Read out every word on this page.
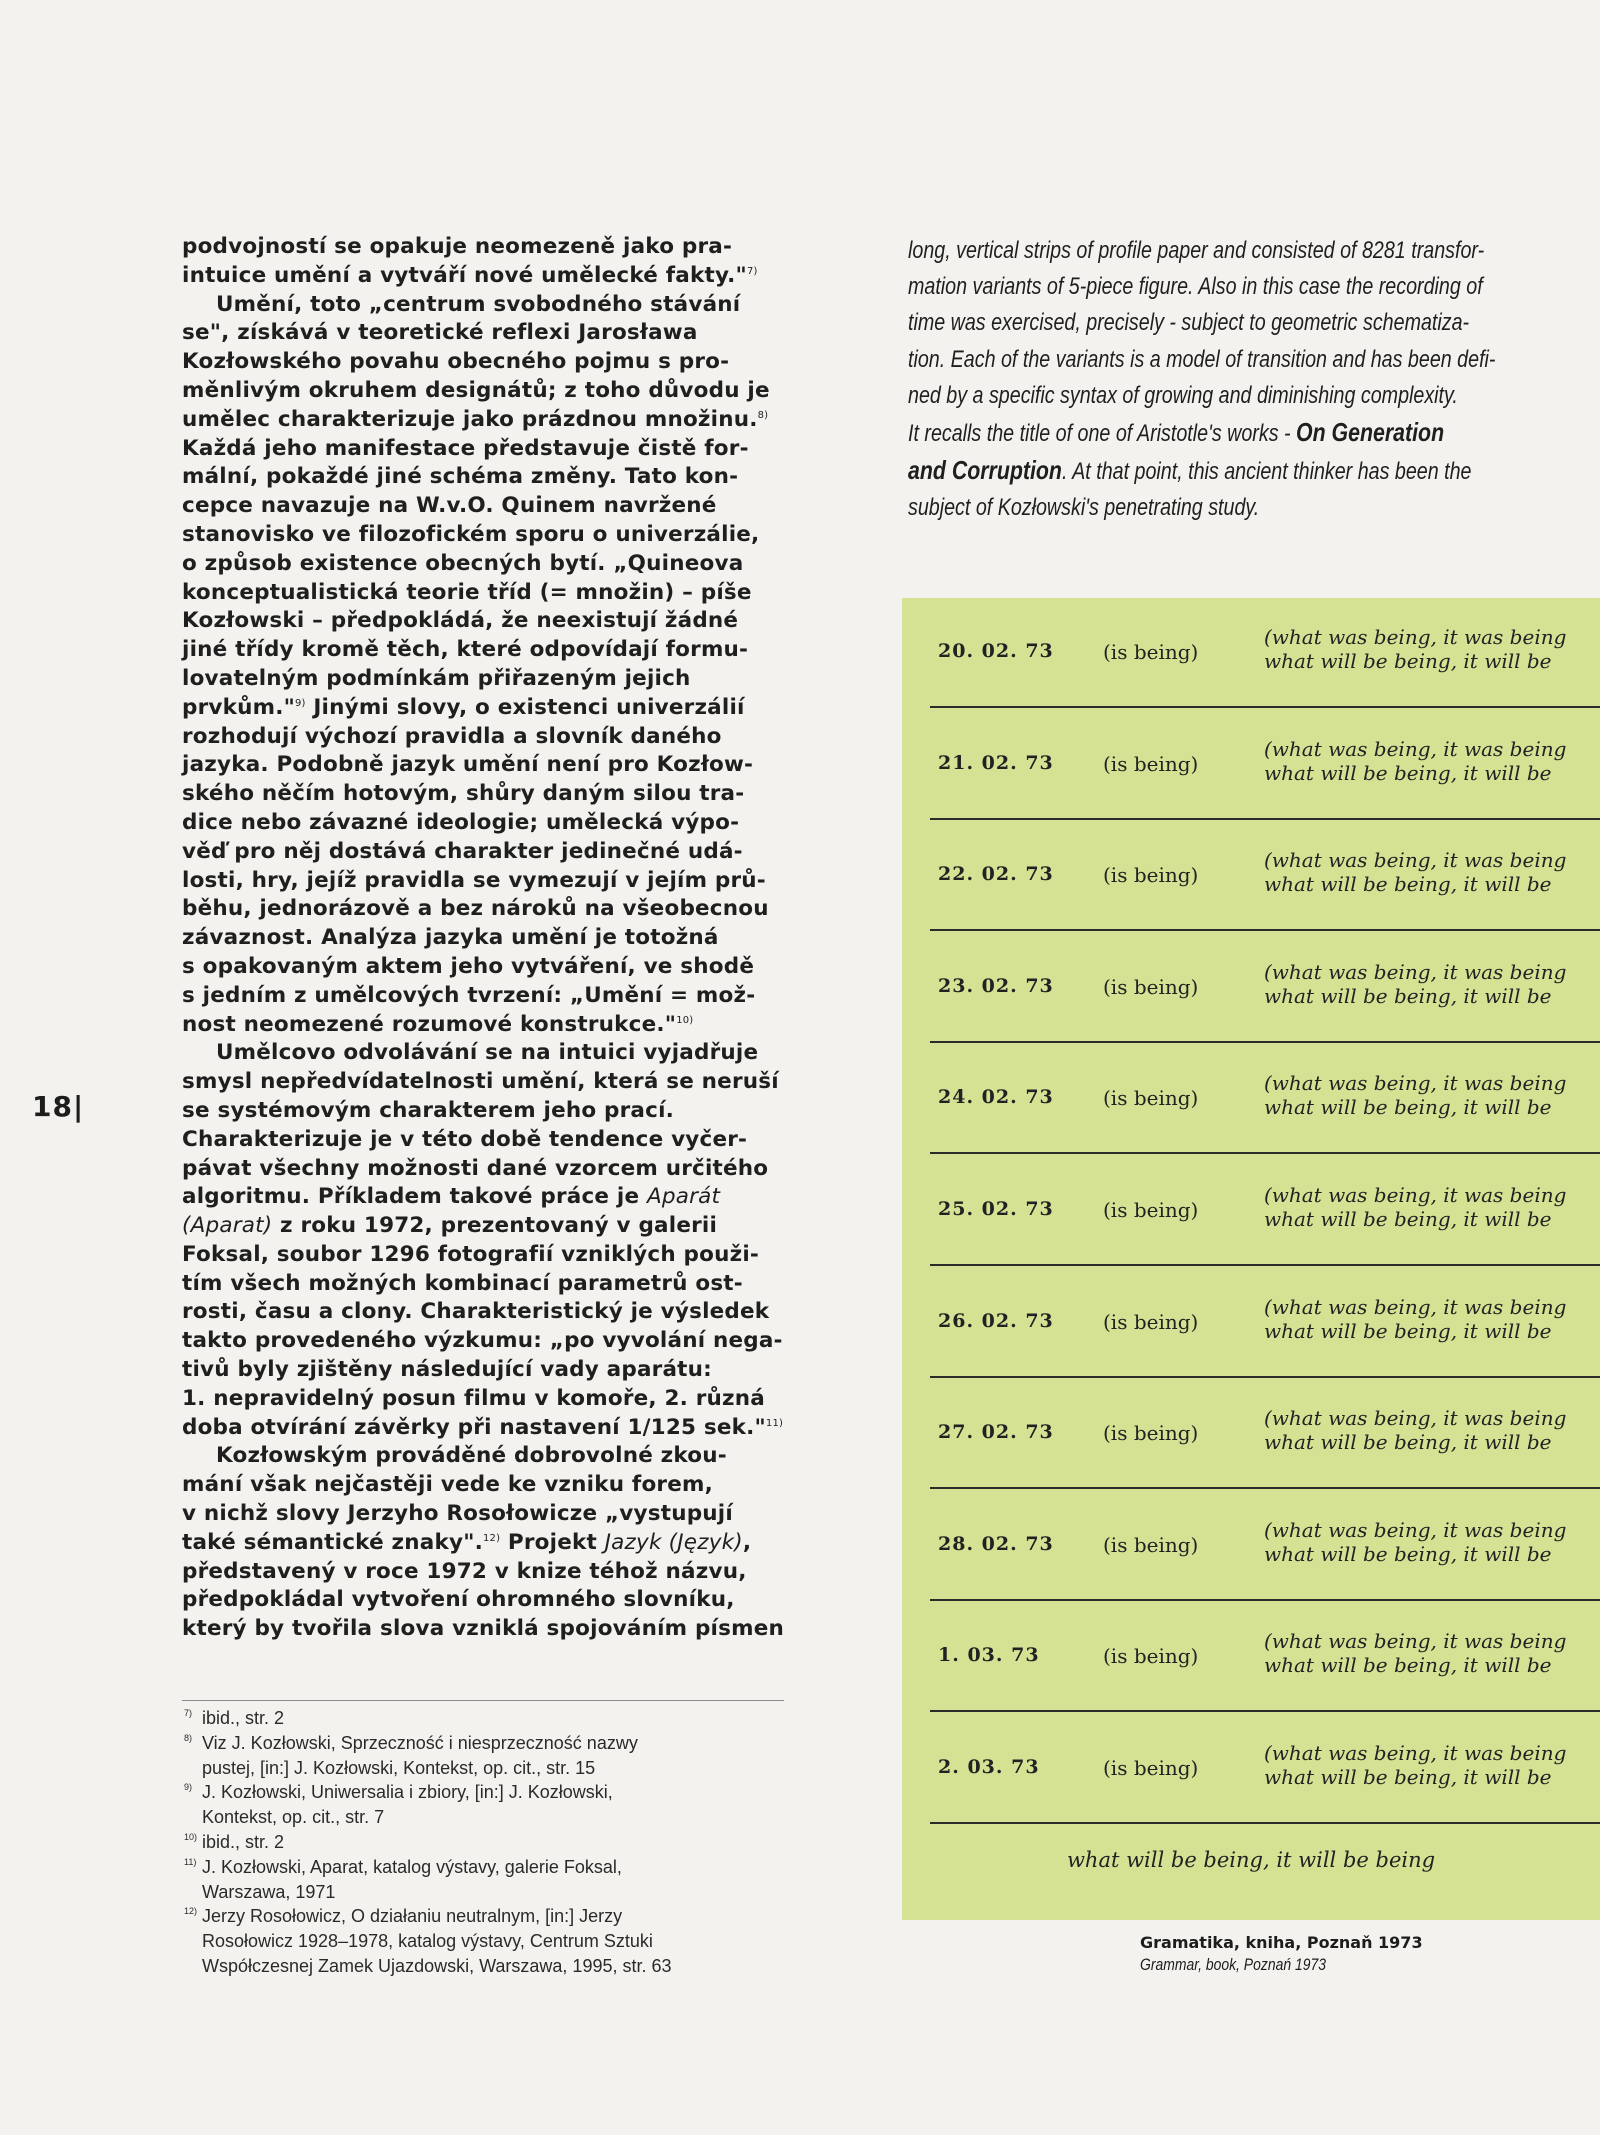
18|

podvojností se opakuje neomezeně jako pra-
intuice umění a vytváří nové umělecké fakty."$^{7)}$

Umění, toto „centrum svobodného stávání
se", získává v teoretické reflexi Jarosława
Kozłowského povahu obecného pojmu s pro-
měnlivým okruhem designátů; z toho důvodu je
umělec charakterizuje jako prázdnou množinu.$^{8)}$
Každá jeho manifestace představuje čistě for-
mální, pokaždé jiné schéma změny. Tato kon-
cepce navazuje na W.v.O. Quinem navržené
stanovisko ve filozofickém sporu o univerzálie,
o způsob existence obecných bytí. „Quineova
konceptualistická teorie tříd (= množin) – píše
Kozłowski – předpokládá, že neexistují žádné
jiné třídy kromě těch, které odpovídají formu-
lovatelným podmínkám přiřazeným jejich
prvkům."$^{9)}$ Jinými slovy, o existenci univerzálií
rozhodují výchozí pravidla a slovník daného
jazyka. Podobně jazyk umění není pro Kozłow-
ského něčím hotovým, shůry daným silou tra-
dice nebo závazné ideologie; umělecká výpo-
věď pro něj dostává charakter jedinečné udá-
losti, hry, jejíž pravidla se vymezují v jejím prů-
běhu, jednorázově a bez nároků na všeobecnou
závaznost. Analýza jazyka umění je totožná
s opakovaným aktem jeho vytváření, ve shodě
s jedním z umělcových tvrzení: „Umění = mož-
nost neomezené rozumové konstrukce."$^{10)}$

Umělcovo odvolávání se na intuici vyjadřuje
smysl nepředvídatelnosti umění, která se neruší
se systémovým charakterem jeho prací.
Charakterizuje je v této době tendence vyčer-
pávat všechny možnosti dané vzorcem určitého
algoritmu. Příkladem takové práce je Aparát
(Aparat) z roku 1972, prezentovaný v galerii
Foksal, soubor 1296 fotografií vzniklých použi-
tím všech možných kombinací parametrů ost-
rosti, času a clony. Charakteristický je výsledek
takto provedeného výzkumu: „po vyvolání nega-
tivů byly zjištěny následující vady aparátu:
1. nepravidelný posun filmu v komoře, 2. různá
doba otvírání závěrky při nastavení 1/125 sek."$^{11)}$

Kozłowským prováděné dobrovolné zkou-
mání však nejčastěji vede ke vzniku forem,
v nichž slovy Jerzyho Rosołowicze „vystupují
také sémantické znaky".$^{12)}$ Projekt Jazyk (Język),
představený v roce 1972 v knize téhož názvu,
předpokládal vytvoření ohromného slovníku,
který by tvořila slova vzniklá spojováním písmen

7) ibid., str. 2
8) Viz J. Kozłowski, Sprzeczność i niesprzeczność nazwy
pustej, [in:] J. Kozłowski, Kontekst, op. cit., str. 15
9) J. Kozłowski, Uniwersalia i zbiory, [in:] J. Kozłowski,
Kontekst, op. cit., str. 7
10) ibid., str. 2
11) J. Kozłowski, Aparat, katalog výstavy, galerie Foksal,
Warszawa, 1971
12) Jerzy Rosołowicz, O działaniu neutralnym, [in:] Jerzy
Rosołowicz 1928–1978, katalog výstavy, Centrum Sztuki
Współczesnej Zamek Ujazdowski, Warszawa, 1995, str. 63
long, vertical strips of profile paper and consisted of 8281 transfor-
mation variants of 5-piece figure. Also in this case the recording of
time was exercised, precisely - subject to geometric schematiza-
tion. Each of the variants is a model of transition and has been defi-
ned by a specific syntax of growing and diminishing complexity.
It recalls the title of one of Aristotle's works - On Generation
and Corruption. At that point, this ancient thinker has been the
subject of Kozłowski's penetrating study.
what will be being, it will be being
20. 02. 73	(is being)
(what was being, it was being
what will be being, it will be
21. 02. 73	(is being)
(what was being, it was being
what will be being, it will be
22. 02. 73	(is being)
(what was being, it was being
what will be being, it will be
23. 02. 73	(is being)
(what was being, it was being
what will be being, it will be
24. 02. 73	(is being)
(what was being, it was being
what will be being, it will be
25. 02. 73	(is being)
(what was being, it was being
what will be being, it will be
26. 02. 73	(is being)
(what was being, it was being
what will be being, it will be
27. 02. 73	(is being)
(what was being, it was being
what will be being, it will be
28. 02. 73	(is being)
(what was being, it was being
what will be being, it will be
1. 03. 73	(is being)
(what was being, it was being
what will be being, it will be
2. 03. 73	(is being)
(what was being, it was being
what will be being, it will be
Gramatika, kniha, Poznaň 1973
Grammar, book, Poznań 1973
